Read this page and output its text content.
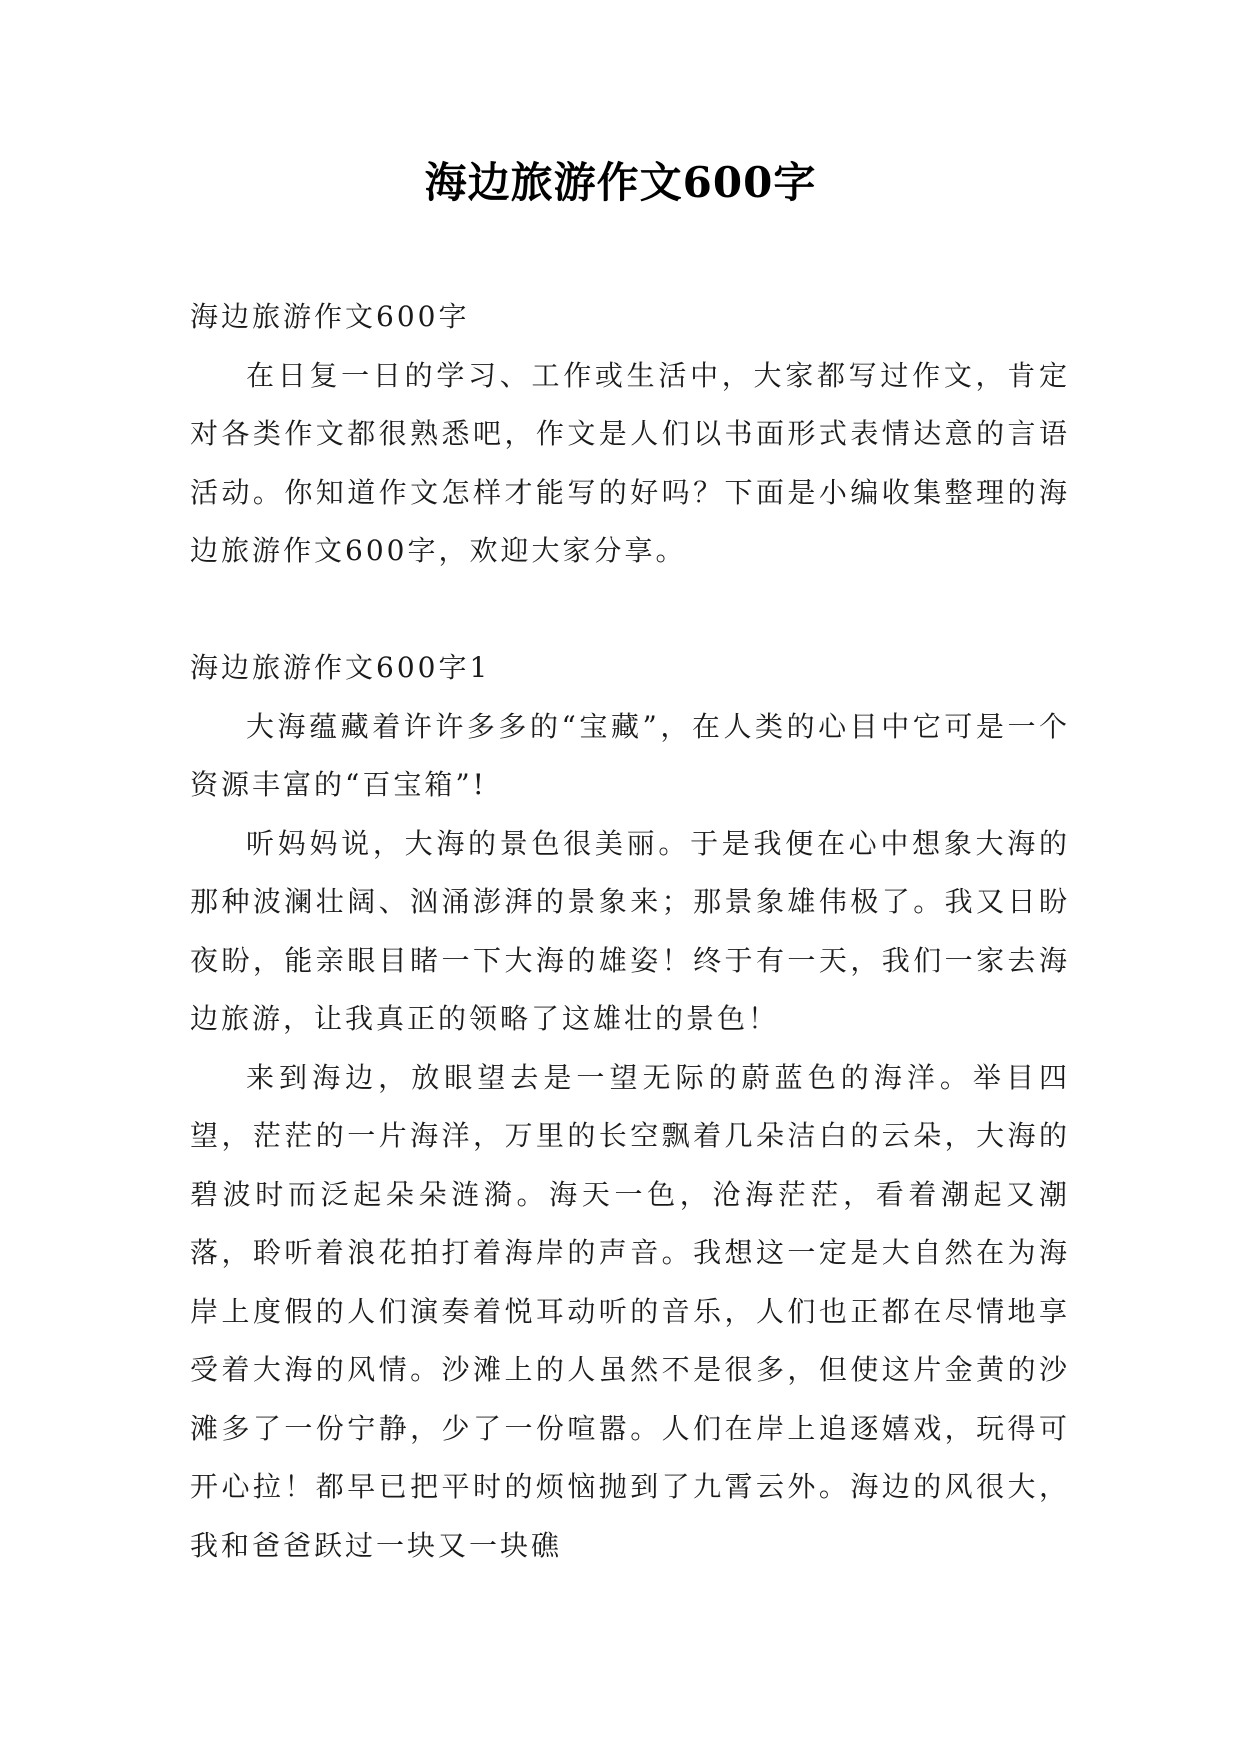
海边旅游作文600字

海边旅游作文600字

在日复一日的学习、工作或生活中，大家都写过作文，肯定对各类作文都很熟悉吧，作文是人们以书面形式表情达意的言语活动。你知道作文怎样才能写的好吗？下面是小编收集整理的海边旅游作文600字，欢迎大家分享。

海边旅游作文600字1

大海蕴藏着许许多多的“宝藏”，在人类的心目中它可是一个资源丰富的“百宝箱”!

听妈妈说，大海的景色很美丽。于是我便在心中想象大海的那种波澜壮阔、汹涌澎湃的景象来；那景象雄伟极了。我又日盼夜盼，能亲眼目睹一下大海的雄姿！终于有一天，我们一家去海边旅游，让我真正的领略了这雄壮的景色！

来到海边，放眼望去是一望无际的蔚蓝色的海洋。举目四望，茫茫的一片海洋，万里的长空飘着几朵洁白的云朵，大海的碧波时而泛起朵朵涟漪。海天一色，沧海茫茫，看着潮起又潮落，聆听着浪花拍打着海岸的声音。我想这一定是大自然在为海岸上度假的人们演奏着悦耳动听的音乐，人们也正都在尽情地享受着大海的风情。沙滩上的人虽然不是很多，但使这片金黄的沙滩多了一份宁静，少了一份喧嚣。人们在岸上追逐嬉戏，玩得可开心拉！都早已把平时的烦恼抛到了九霄云外。海边的风很大，我和爸爸跃过一块又一块礁
